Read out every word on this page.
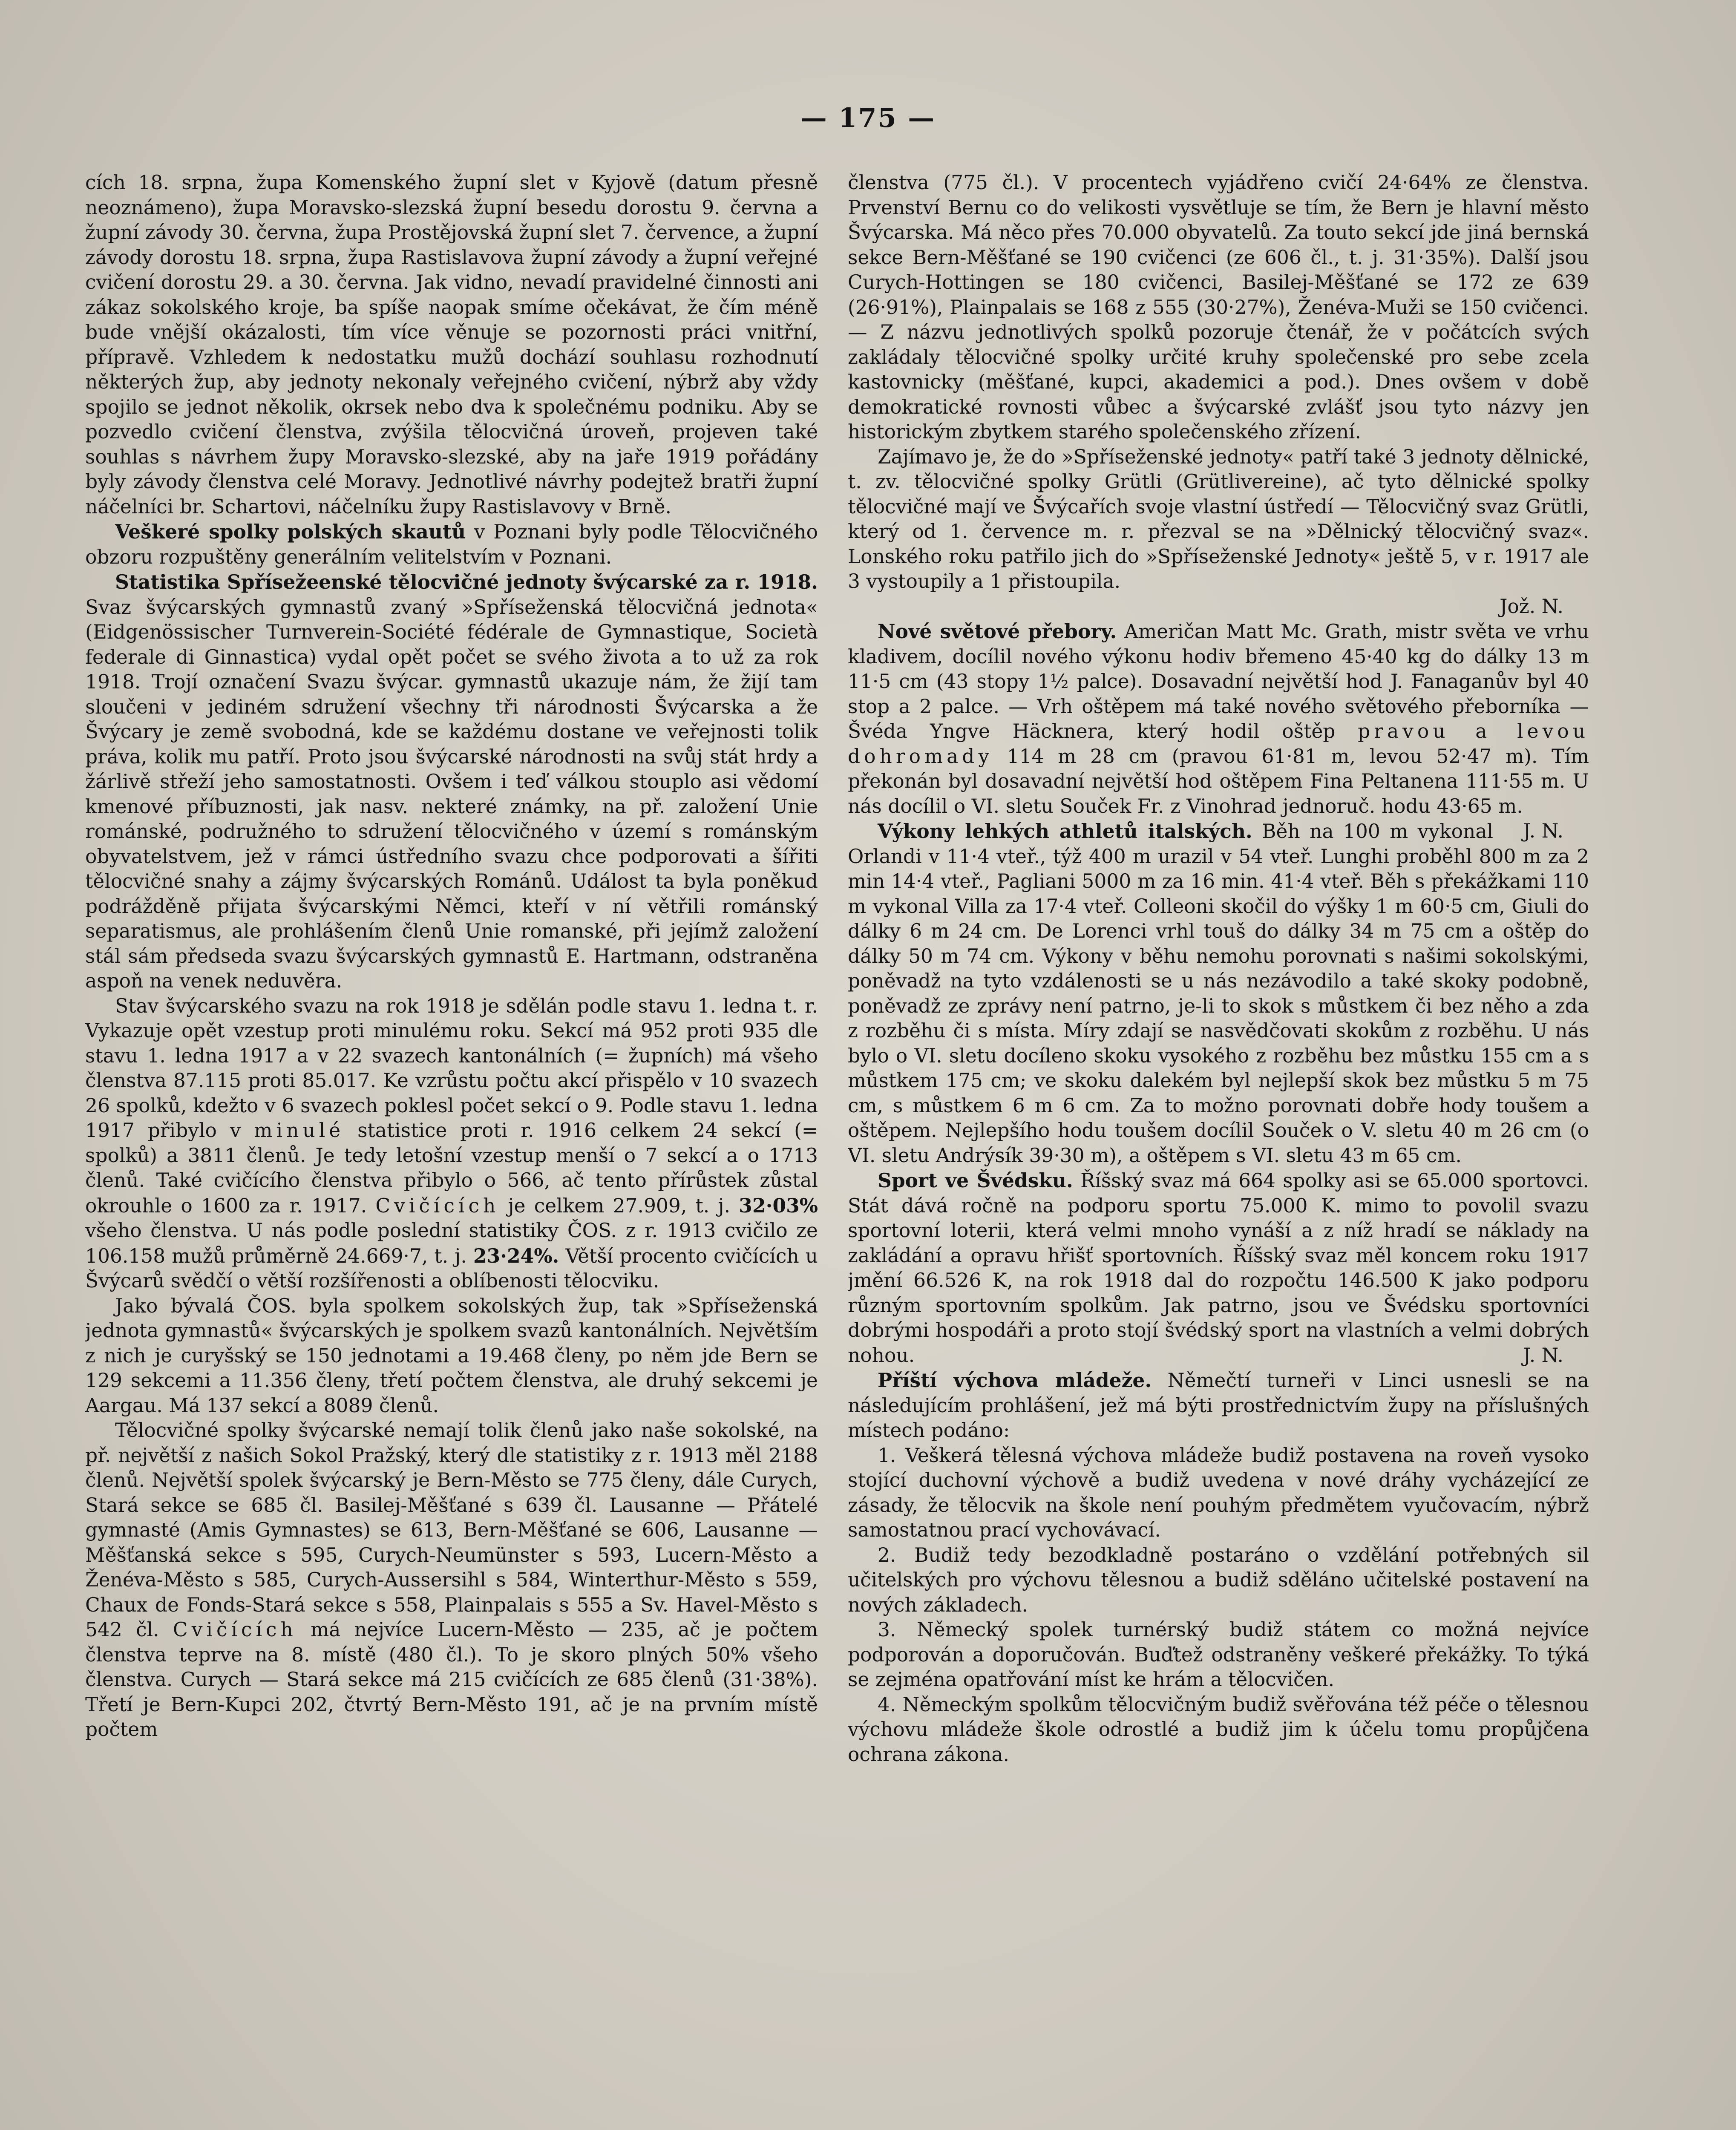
— 175 —

cích 18. srpna, župa Komenského župní slet v Kyjově (datum přesně neoznámeno), župa Moravsko-slezská župní besedu dorostu 9. června a župní závody 30. června, župa Prostějovská župní slet 7. července, a župní závody dorostu 18. srpna, župa Rastislavova župní závody a župní veřejné cvičení dorostu 29. a 30. června. Jak vidno, nevadí pravidelné činnosti ani zákaz sokolského kroje, ba spíše naopak smíme očekávat, že čím méně bude vnější okázalosti, tím více věnuje se pozornosti práci vnitřní, přípravě. Vzhledem k nedostatku mužů dochází souhlasu rozhodnutí některých žup, aby jednoty nekonaly veřejného cvičení, nýbrž aby vždy spojilo se jednot několik, okrsek nebo dva k společnému podniku. Aby se pozvedlo cvičení členstva, zvýšila tělocvičná úroveň, projeven také souhlas s návrhem župy Moravsko-slezské, aby na jaře 1919 pořádány byly závody členstva celé Moravy. Jednotlivé návrhy podejtež bratři župní náčelníci br. Schartovi, náčelníku župy Rastislavovy v Brně.

Veškeré spolky polských skautů v Poznani byly podle Tělocvičného obzoru rozpuštěny generálním velitelstvím v Poznani.

Statistika Spřísežeenské tělocvičné jednoty švýcarské za r. 1918. Svaz švýcarských gymnastů zvaný »Spříseženská tělocvičná jednota« (Eidgenössischer Turnverein-Société fédérale de Gymnastique, Società federale di Ginnastica) vydal opět počet se svého života a to už za rok 1918. Trojí označení Svazu švýcar. gymnastů ukazuje nám, že žijí tam sloučeni v jediném sdružení všechny tři národnosti Švýcarska a že Švýcary je země svobodná, kde se každému dostane ve veřejnosti tolik práva, kolik mu patří. Proto jsou švýcarské národnosti na svůj stát hrdy a žárlivě střeží jeho samostatnosti. Ovšem i teď válkou stouplo asi vědomí kmenové příbuznosti, jak nasv. nekteré známky, na př. založení Unie románské, podružného to sdružení tělocvičného v území s románským obyvatelstvem, jež v rámci ústředního svazu chce podporovati a šířiti tělocvičné snahy a zájmy švýcarských Románů. Událost ta byla poněkud podrážděně přijata švýcarskými Němci, kteří v ní větřili románský separatismus, ale prohlášením členů Unie romanské, při jejímž založení stál sám předseda svazu švýcarských gymnastů E. Hartmann, odstraněna aspoň na venek neduvěra.

Stav švýcarského svazu na rok 1918 je sdělán podle stavu 1. ledna t. r. Vykazuje opět vzestup proti minulému roku. Sekcí má 952 proti 935 dle stavu 1. ledna 1917 a v 22 svazech kantonálních (= župních) má všeho členstva 87.115 proti 85.017. Ke vzrůstu počtu akcí přispělo v 10 svazech 26 spolků, kdežto v 6 svazech poklesl počet sekcí o 9. Podle stavu 1. ledna 1917 přibylo v minulé statistice proti r. 1916 celkem 24 sekcí (= spolků) a 3811 členů. Je tedy letošní vzestup menší o 7 sekcí a o 1713 členů. Také cvičícího členstva přibylo o 566, ač tento přírůstek zůstal okrouhle o 1600 za r. 1917. Cvičících je celkem 27.909, t. j. 32·03% všeho členstva. U nás podle poslední statistiky ČOS. z r. 1913 cvičilo ze 106.158 mužů průměrně 24.669·7, t. j. 23·24%. Větší procento cvičících u Švýcarů svědčí o větší rozšířenosti a oblíbenosti tělocviku.

Jako bývalá ČOS. byla spolkem sokolských žup, tak »Spříseženská jednota gymnastů« švýcarských je spolkem svazů kantonálních. Největším z nich je curyšský se 150 jednotami a 19.468 členy, po něm jde Bern se 129 sekcemi a 11.356 členy, třetí počtem členstva, ale druhý sekcemi je Aargau. Má 137 sekcí a 8089 členů.

Tělocvičné spolky švýcarské nemají tolik členů jako naše sokolské, na př. největší z našich Sokol Pražský, který dle statistiky z r. 1913 měl 2188 členů. Největší spolek švýcarský je Bern-Město se 775 členy, dále Curych, Stará sekce se 685 čl. Basilej-Měšťané s 639 čl. Lausanne — Přátelé gymnasté (Amis Gymnastes) se 613, Bern-Měšťané se 606, Lausanne — Měšťanská sekce s 595, Curych-Neumünster s 593, Lucern-Město a Ženéva-Město s 585, Curych-Aussersihl s 584, Winterthur-Město s 559, Chaux de Fonds-Stará sekce s 558, Plainpalais s 555 a Sv. Havel-Město s 542 čl. Cvičících má nejvíce Lucern-Město — 235, ač je počtem členstva teprve na 8. místě (480 čl.). To je skoro plných 50% všeho členstva. Curych — Stará sekce má 215 cvičících ze 685 členů (31·38%). Třetí je Bern-Kupci 202, čtvrtý Bern-Město 191, ač je na prvním místě počtem

členstva (775 čl.). V procentech vyjádřeno cvičí 24·64% ze členstva. Prvenství Bernu co do velikosti vysvětluje se tím, že Bern je hlavní město Švýcarska. Má něco přes 70.000 obyvatelů. Za touto sekcí jde jiná bernská sekce Bern-Měšťané se 190 cvičenci (ze 606 čl., t. j. 31·35%). Další jsou Curych-Hottingen se 180 cvičenci, Basilej-Měšťané se 172 ze 639 (26·91%), Plainpalais se 168 z 555 (30·27%), Ženéva-Muži se 150 cvičenci. — Z názvu jednotlivých spolků pozoruje čtenář, že v počátcích svých zakládaly tělocvičné spolky určité kruhy společenské pro sebe zcela kastovnicky (měšťané, kupci, akademici a pod.). Dnes ovšem v době demokratické rovnosti vůbec a švýcarské zvlášť jsou tyto názvy jen historickým zbytkem starého společenského zřízení.

Zajímavo je, že do »Spříseženské jednoty« patří také 3 jednoty dělnické, t. zv. tělocvičné spolky Grütli (Grütlivereine), ač tyto dělnické spolky tělocvičné mají ve Švýcařích svoje vlastní ústředí — Tělocvičný svaz Grütli, který od 1. července m. r. přezval se na »Dělnický tělocvičný svaz«. Lonského roku patřilo jich do »Spříseženské Jednoty« ještě 5, v r. 1917 ale 3 vystoupily a 1 přistoupila.

Jož. N.

Nové světové přebory. Američan Matt Mc. Grath, mistr světa ve vrhu kladivem, docílil nového výkonu hodiv břemeno 45·40 kg do dálky 13 m 11·5 cm (43 stopy 1½ palce). Dosavadní největší hod J. Fanaganův byl 40 stop a 2 palce. — Vrh oštěpem má také nového světového přeborníka — Švéda Yngve Häcknera, který hodil oštěp pravou a levou dohromady 114 m 28 cm (pravou 61·81 m, levou 52·47 m). Tím překonán byl dosavadní největší hod oštěpem Fina Peltanena 111·55 m. U nás docílil o VI. sletu Souček Fr. z Vinohrad jednoruč. hodu 43·65 m.
J. N.

Výkony lehkých athletů italských. Běh na 100 m vykonal Orlandi v 11·4 vteř., týž 400 m urazil v 54 vteř. Lunghi proběhl 800 m za 2 min 14·4 vteř., Pagliani 5000 m za 16 min. 41·4 vteř. Běh s překážkami 110 m vykonal Villa za 17·4 vteř. Colleoni skočil do výšky 1 m 60·5 cm, Giuli do dálky 6 m 24 cm. De Lorenci vrhl touš do dálky 34 m 75 cm a oštěp do dálky 50 m 74 cm. Výkony v běhu nemohu porovnati s našimi sokolskými, poněvadž na tyto vzdálenosti se u nás nezávodilo a také skoky podobně, poněvadž ze zprávy není patrno, je-li to skok s můstkem či bez něho a zda z rozběhu či s místa. Míry zdají se nasvědčovati skokům z rozběhu. U nás bylo o VI. sletu docíleno skoku vysokého z rozběhu bez můstku 155 cm a s můstkem 175 cm; ve skoku dalekém byl nejlepší skok bez můstku 5 m 75 cm, s můstkem 6 m 6 cm. Za to možno porovnati dobře hody toušem a oštěpem. Nejlepšího hodu toušem docílil Souček o V. sletu 40 m 26 cm (o VI. sletu Andrýsík 39·30 m), a oštěpem s VI. sletu 43 m 65 cm.

Sport ve Švédsku. Říšský svaz má 664 spolky asi se 65.000 sportovci. Stát dává ročně na podporu sportu 75.000 K. mimo to povolil svazu sportovní loterii, která velmi mnoho vynáší a z níž hradí se náklady na zakládání a opravu hřišť sportovních. Říšský svaz měl koncem roku 1917 jmění 66.526 K, na rok 1918 dal do rozpočtu 146.500 K jako podporu různým sportovním spolkům. Jak patrno, jsou ve Švédsku sportovníci dobrými hospodáři a proto stojí švédský sport na vlastních a velmi dobrých nohou.	J. N.

Příští výchova mládeže. Němečtí turneři v Linci usnesli se na následujícím prohlášení, jež má býti prostřednictvím župy na příslušných místech podáno:

1. Veškerá tělesná výchova mládeže budiž postavena na roveň vysoko stojící duchovní výchově a budiž uvedena v nové dráhy vycházející ze zásady, že tělocvik na škole není pouhým předmětem vyučovacím, nýbrž samostatnou prací vychovávací.

2. Budiž tedy bezodkladně postaráno o vzdělání potřebných sil učitelských pro výchovu tělesnou a budiž sděláno učitelské postavení na nových základech.

3. Německý spolek turnérský budiž státem co možná nejvíce podporován a doporučován. Buďtež odstraněny veškeré překážky. To týká se zejména opatřování míst ke hrám a tělocvičen.

4. Německým spolkům tělocvičným budiž svěřována též péče o tělesnou výchovu mládeže škole odrostlé a budiž jim k účelu tomu propůjčena ochrana zákona.
